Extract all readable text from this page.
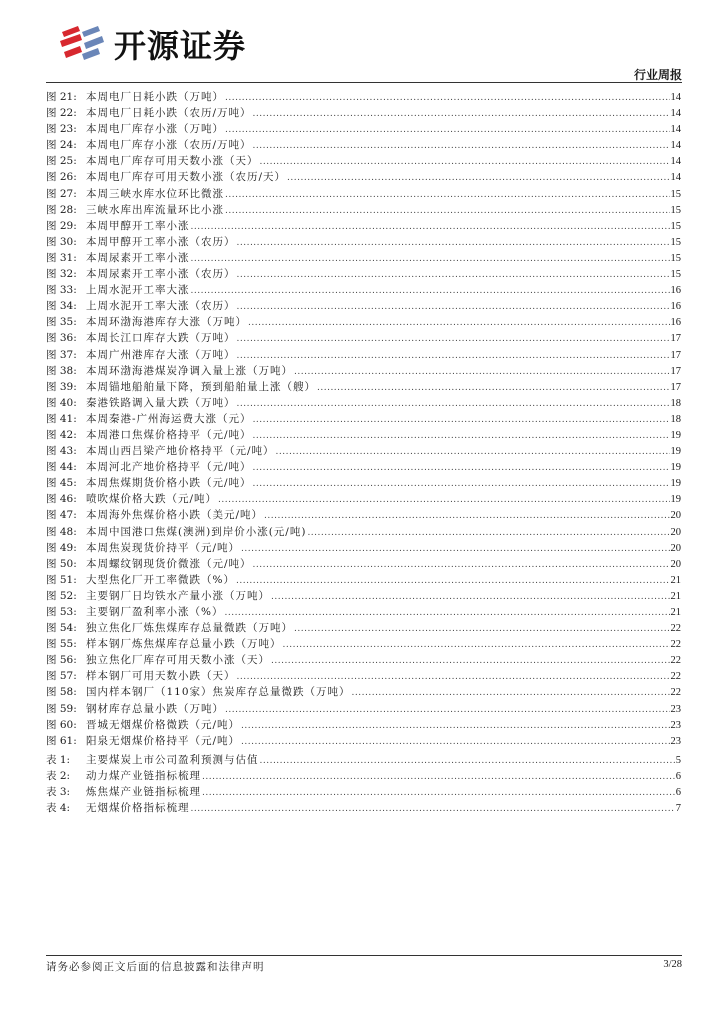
开源证券
行业周报
图 21: 本周电厂日耗小跌（万吨） .....	14
图 22: 本周电厂日耗小跌（农历/万吨） .....	14
图 23: 本周电厂库存小涨（万吨） .....	14
图 24: 本周电厂库存小涨（农历/万吨） .....	14
图 25: 本周电厂库存可用天数小涨（天） .....	14
图 26: 本周电厂库存可用天数小涨（农历/天） .....	14
图 27: 本周三峡水库水位环比微涨 .....	15
图 28: 三峡水库出库流量环比小涨 .....	15
图 29: 本周甲醇开工率小涨 .....	15
图 30: 本周甲醇开工率小涨（农历） .....	15
图 31: 本周尿素开工率小涨 .....	15
图 32: 本周尿素开工率小涨（农历） .....	15
图 33: 上周水泥开工率大涨 .....	16
图 34: 上周水泥开工率大涨（农历） .....	16
图 35: 本周环渤海港库存大涨（万吨） .....	16
图 36: 本周长江口库存大跌（万吨） .....	17
图 37: 本周广州港库存大涨（万吨） .....	17
图 38: 本周环渤海港煤炭净调入量上涨（万吨） .....	17
图 39: 本周锚地船舶量下降，预到船舶量上涨（艘） .....	17
图 40: 秦港铁路调入量大跌（万吨） .....	18
图 41: 本周秦港-广州海运费大涨（元） .....	18
图 42: 本周港口焦煤价格持平（元/吨） .....	19
图 43: 本周山西吕梁产地价格持平（元/吨） .....	19
图 44: 本周河北产地价格持平（元/吨） .....	19
图 45: 本周焦煤期货价格小跌（元/吨） .....	19
图 46: 喷吹煤价格大跌（元/吨） .....	19
图 47: 本周海外焦煤价格小跌（美元/吨） .....	20
图 48: 本周中国港口焦煤(澳洲)到岸价小涨(元/吨) .....	20
图 49: 本周焦炭现货价持平（元/吨） .....	20
图 50: 本周螺纹钢现货价微涨（元/吨） .....	20
图 51: 大型焦化厂开工率微跌（%） .....	21
图 52: 主要钢厂日均铁水产量小涨（万吨） .....	21
图 53: 主要钢厂盈利率小涨（%） .....	21
图 54: 独立焦化厂炼焦煤库存总量微跌（万吨） .....	22
图 55: 样本钢厂炼焦煤库存总量小跌（万吨） .....	22
图 56: 独立焦化厂库存可用天数小涨（天） .....	22
图 57: 样本钢厂可用天数小跌（天） .....	22
图 58: 国内样本钢厂（110家）焦炭库存总量微跌（万吨） .....	22
图 59: 钢材库存总量小跌（万吨） .....	23
图 60: 晋城无烟煤价格微跌（元/吨） .....	23
图 61: 阳泉无烟煤价格持平（元/吨） .....	23
表 1:	主要煤炭上市公司盈利预测与估值 .....	5
表 2:	动力煤产业链指标梳理 .....	6
表 3:	炼焦煤产业链指标梳理 .....	6
表 4:	无烟煤价格指标梳理 .....	7
请务必参阅正文后面的信息披露和法律声明	3/28
